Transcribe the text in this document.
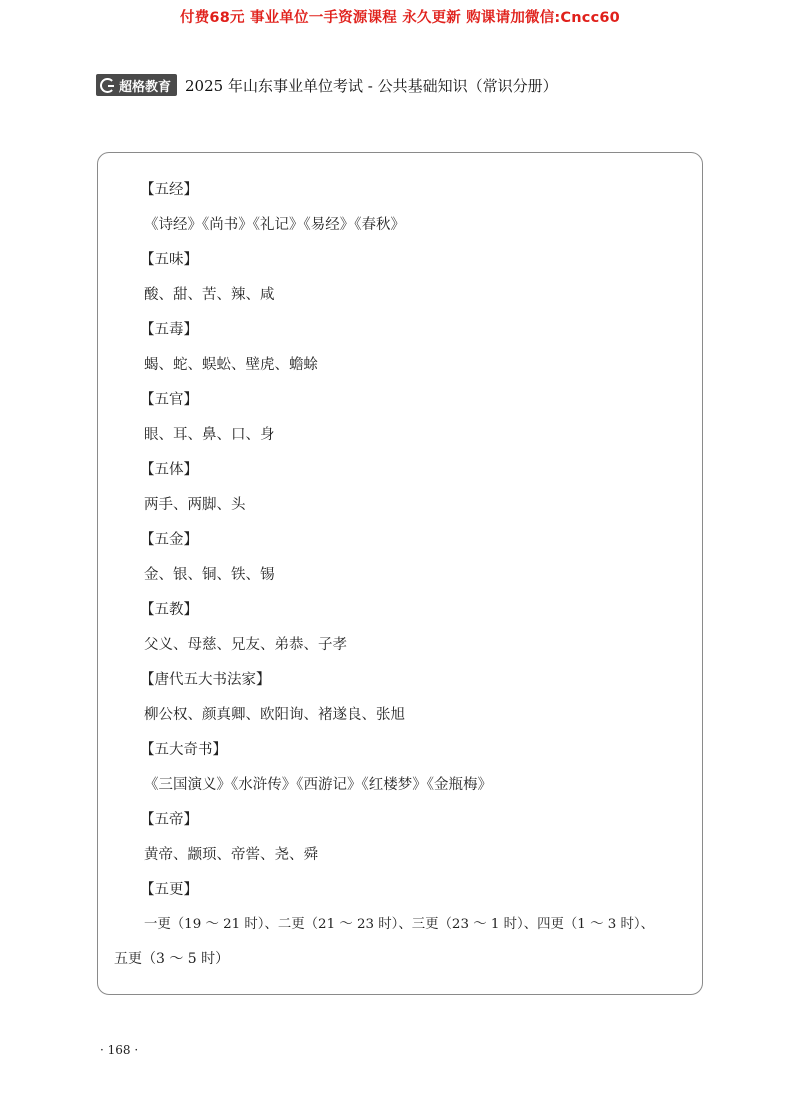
付费68元 事业单位一手资源课程 永久更新 购课请加微信:Cncc60
超格教育 2025 年山东事业单位考试 - 公共基础知识（常识分册）
【五经】
《诗经》《尚书》《礼记》《易经》《春秋》
【五味】
酸、甜、苦、辣、咸
【五毒】
蝎、蛇、蜈蚣、壁虎、蟾蜍
【五官】
眼、耳、鼻、口、身
【五体】
两手、两脚、头
【五金】
金、银、铜、铁、锡
【五教】
父义、母慈、兄友、弟恭、子孝
【唐代五大书法家】
柳公权、颜真卿、欧阳询、褚遂良、张旭
【五大奇书】
《三国演义》《水浒传》《西游记》《红楼梦》《金瓶梅》
【五帝】
黄帝、颛顼、帝喾、尧、舜
【五更】
一更（19 ～ 21 时）、二更（21 ～ 23 时）、三更（23 ～ 1 时）、四更（1 ～ 3 时）、
五更（3 ～ 5 时）
· 168 ·
